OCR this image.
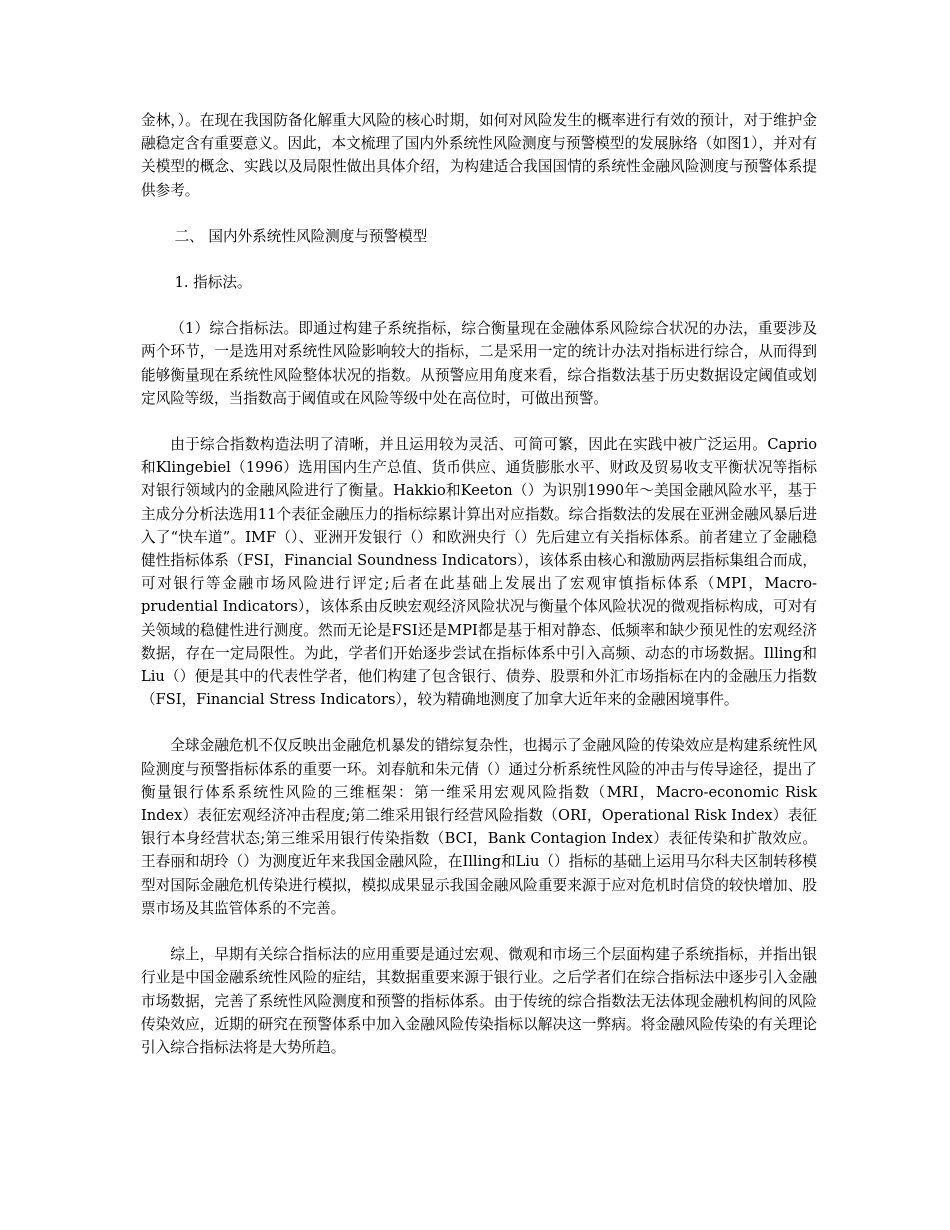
金林，）。在现在我国防备化解重大风险的核心时期，如何对风险发生的概率进行有效的预计，对于维护金融稳定含有重要意义。因此，本文梳理了国内外系统性风险测度与预警模型的发展脉络（如图1），并对有关模型的概念、实践以及局限性做出具体介绍，为构建适合我国国情的系统性金融风险测度与预警体系提供参考。

二、 国内外系统性风险测度与预警模型

1. 指标法。

（1）综合指标法。即通过构建子系统指标，综合衡量现在金融体系风险综合状况的办法，重要涉及两个环节，一是选用对系统性风险影响较大的指标，二是采用一定的统计办法对指标进行综合，从而得到能够衡量现在系统性风险整体状况的指数。从预警应用角度来看，综合指数法基于历史数据设定阈值或划定风险等级，当指数高于阈值或在风险等级中处在高位时，可做出预警。

由于综合指数构造法明了清晰，并且运用较为灵活、可简可繁，因此在实践中被广泛运用。Caprio和Klingebiel（1996）选用国内生产总值、货币供应、通货膨胀水平、财政及贸易收支平衡状况等指标对银行领域内的金融风险进行了衡量。Hakkio和Keeton（）为识别1990年～美国金融风险水平，基于主成分分析法选用11个表征金融压力的指标综累计算出对应指数。综合指数法的发展在亚洲金融风暴后进入了“快车道”。IMF（）、亚洲开发银行（）和欧洲央行（）先后建立有关指标体系。前者建立了金融稳健性指标体系（FSI，Financial Soundness Indicators），该体系由核心和激励两层指标集组合而成，可对银行等金融市场风险进行评定;后者在此基础上发展出了宏观审慎指标体系（MPI，Macro-prudential Indicators），该体系由反映宏观经济风险状况与衡量个体风险状况的微观指标构成，可对有关领域的稳健性进行测度。然而无论是FSI还是MPI都是基于相对静态、低频率和缺少预见性的宏观经济数据，存在一定局限性。为此，学者们开始逐步尝试在指标体系中引入高频、动态的市场数据。Illing和Liu（）便是其中的代表性学者，他们构建了包含银行、债券、股票和外汇市场指标在内的金融压力指数（FSI，Financial Stress Indicators），较为精确地测度了加拿大近年来的金融困境事件。

全球金融危机不仅反映出金融危机暴发的错综复杂性，也揭示了金融风险的传染效应是构建系统性风险测度与预警指标体系的重要一环。刘春航和朱元倩（）通过分析系统性风险的冲击与传导途径，提出了衡量银行体系系统性风险的三维框架：第一维采用宏观风险指数（MRI，Macro-economic Risk Index）表征宏观经济冲击程度;第二维采用银行经营风险指数（ORI，Operational Risk Index）表征银行本身经营状态;第三维采用银行传染指数（BCI，Bank Contagion Index）表征传染和扩散效应。王春丽和胡玲（）为测度近年来我国金融风险，在Illing和Liu（）指标的基础上运用马尔科夫区制转移模型对国际金融危机传染进行模拟，模拟成果显示我国金融风险重要来源于应对危机时信贷的较快增加、股票市场及其监管体系的不完善。

综上，早期有关综合指标法的应用重要是通过宏观、微观和市场三个层面构建子系统指标，并指出银行业是中国金融系统性风险的症结，其数据重要来源于银行业。之后学者们在综合指标法中逐步引入金融市场数据，完善了系统性风险测度和预警的指标体系。由于传统的综合指数法无法体现金融机构间的风险传染效应，近期的研究在预警体系中加入金融风险传染指标以解决这一弊病。将金融风险传染的有关理论引入综合指标法将是大势所趋。
